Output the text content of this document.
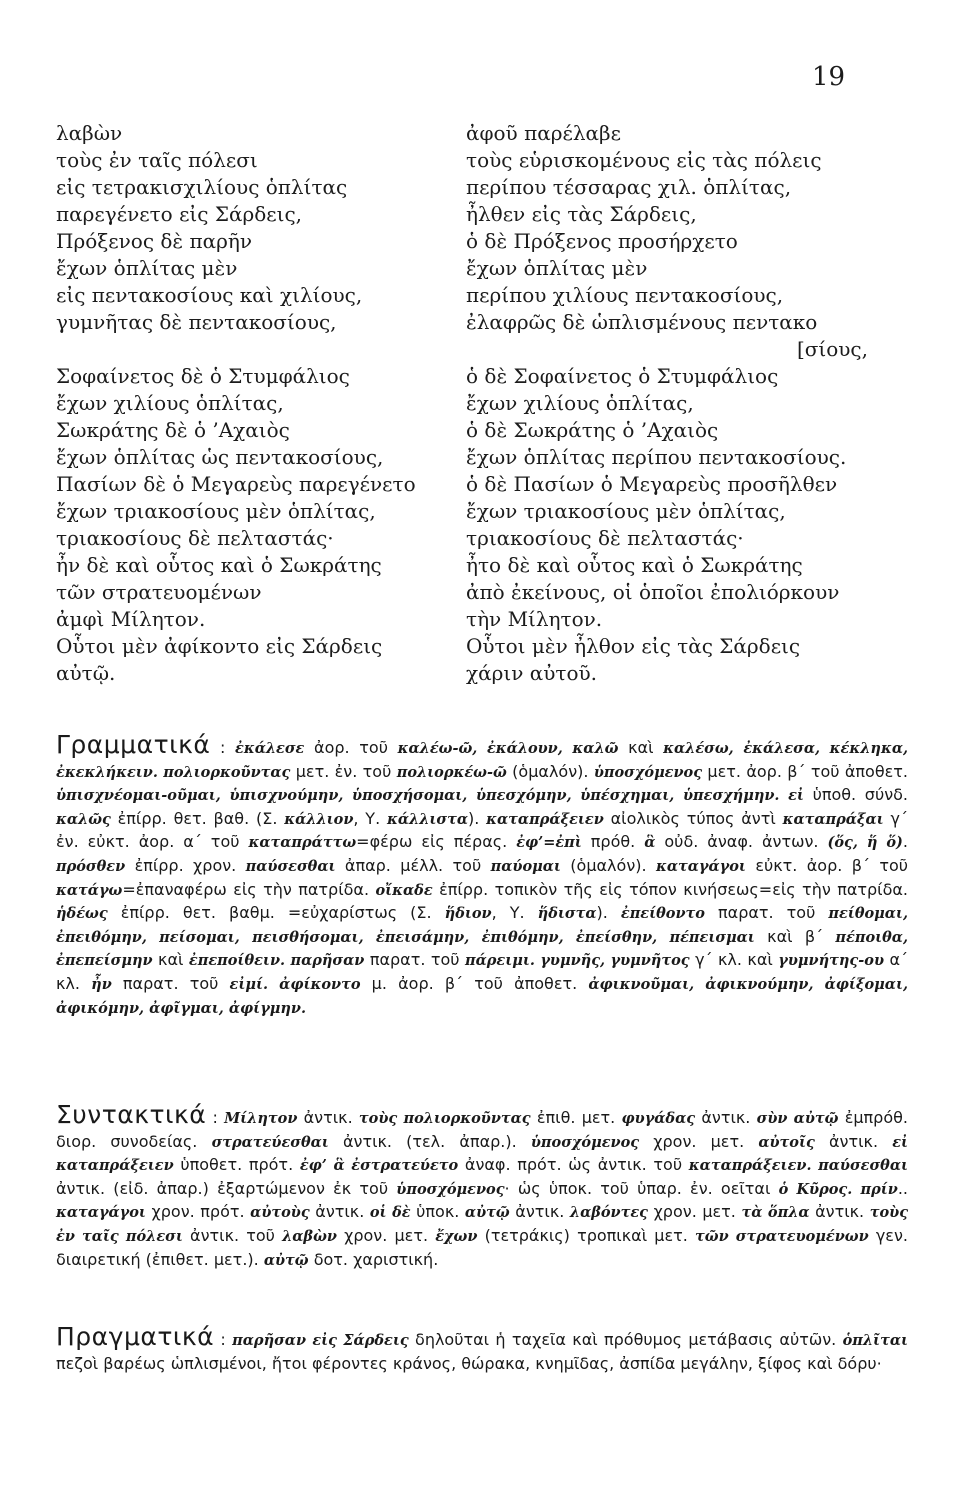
19
λαβὼν
τοὺς ἐν ταῖς πόλεσι
εἰς τετρακισχιλίους ὁπλίτας
παρεγένετο εἰς Σάρδεις,
Πρόξενος δὲ παρῆν
ἔχων ὁπλίτας μὲν
εἰς πεντακοσίους καὶ χιλίους,
γυμνῆτας δὲ πεντακοσίους,
Σοφαίνετος δὲ ὁ Στυμφάλιος
ἔχων χιλίους ὁπλίτας,
Σωκράτης δὲ ὁ ’Αχαιὸς
ἔχων ὁπλίτας ὡς πεντακοσίους,
Πασίων δὲ ὁ Μεγαρεὺς παρεγένετο
ἔχων τριακοσίους μὲν ὁπλίτας,
τριακοσίους δὲ πελταστάς·
ἦν δὲ καὶ οὗτος καὶ ὁ Σωκράτης
τῶν στρατευομένων
ἀμφὶ Μίλητον.
Οὗτοι μὲν ἀφίκοντο εἰς Σάρδεις
αὐτῷ.
ἀφοῦ παρέλαβε
τοὺς εὑρισκομένους εἰς τὰς πόλεις
περίπου τέσσαρας χιλ. ὁπλίτας,
ἦλθεν εἰς τὰς Σάρδεις,
ὁ δὲ Πρόξενος προσήρχετο
ἔχων ὁπλίτας μὲν
περίπου χιλίους πεντακοσίους,
ἐλαφρῶς δὲ ὡπλισμένους πεντακο
[σίους,
ὁ δὲ Σοφαίνετος ὁ Στυμφάλιος
ἔχων χιλίους ὁπλίτας,
ὁ δὲ Σωκράτης ὁ ’Αχαιὸς
ἔχων ὁπλίτας περίπου πεντακοσίους.
ὁ δὲ Πασίων ὁ Μεγαρεὺς προσῆλθεν
ἔχων τριακοσίους μὲν ὁπλίτας,
τριακοσίους δὲ πελταστάς·
ἦτο δὲ καὶ οὗτος καὶ ὁ Σωκράτης
ἀπὸ ἐκείνους, οἱ ὁποῖοι ἐπολιόρκουν
τὴν Μίλητον.
Οὗτοι μὲν ἦλθον εἰς τὰς Σάρδεις
χάριν αὐτοῦ.
Γραμματικά : ἐκάλεσε ἀορ. τοῦ καλέω-ῶ, ἐκάλουν, καλῶ καὶ καλέσω, ἐκάλεσα, κέκληκα, ἐκεκλήκειν. πολιορκοῦντας μετ. ἐν. τοῦ πολιορκέω-ῶ (ὁμαλόν). ὑποσχόμενος μετ. ἀορ. β΄ τοῦ ἀποθετ. ὑπισχνέομαι-οῦμαι, ὑπισχνούμην, ὑποσχήσομαι, ὑπεσχόμην, ὑπέσχημαι, ὑπεσχήμην. εἰ ὑποθ. σύνδ. καλῶς ἐπίρρ. θετ. βαθ. (Σ. κάλλιον, Υ. κάλλιστα). καταπράξειεν αἰολικὸς τύπος ἀντὶ καταπράξαι γ΄ ἐν. εὐκτ. ἀορ. α΄ τοῦ καταπράττω=φέρω εἰς πέρας. ἐφ’=ἐπὶ πρόθ. ἃ οὐδ. ἀναφ. ἀντων. (ὅς, ἥ ὅ). πρόσθεν ἐπίρρ. χρον. παύσεσθαι ἀπαρ. μέλλ. τοῦ παύομαι (ὁμαλόν). καταγάγοι εὐκτ. ἀορ. β΄ τοῦ κατάγω=ἐπαναφέρω εἰς τὴν πατρίδα. οἴκαδε ἐπίρρ. τοπικὸν τῆς εἰς τόπον κινήσεως=εἰς τὴν πατρίδα. ἡδέως ἐπίρρ. θετ. βαθμ. =εὐχαρίστως (Σ. ἥδιον, Υ. ἥδιστα). ἐπείθοντο παρατ. τοῦ πείθομαι, ἐπειθόμην, πείσομαι, πεισθήσομαι, ἐπεισάμην, ἐπιθόμην, ἐπείσθην, πέπεισμαι καὶ β΄ πέποιθα, ἐπεπείσμην καὶ ἐπεποίθειν. παρῆσαν παρατ. τοῦ πάρειμι. γυμνῆς, γυμνῆτος γ΄ κλ. καὶ γυμνήτης-ου α΄ κλ. ἦν παρατ. τοῦ εἰμί. ἀφίκοντο μ. ἀορ. β΄ τοῦ ἀποθετ. ἀφικνοῦμαι, ἀφικνούμην, ἀφίξομαι, ἀφικόμην, ἀφῖγμαι, ἀφίγμην.
Συντακτικά : Μίλητον ἀντικ. τοὺς πολιορκοῦντας ἐπιθ. μετ. φυγάδας ἀντικ. σὺν αὐτῷ ἐμπρόθ. διορ. συνοδείας. στρατεύεσθαι ἀντικ. (τελ. ἀπαρ.). ὑποσχόμενος χρον. μετ. αὐτοῖς ἀντικ. εἰ καταπράξειεν ὑποθετ. πρότ. ἐφ’ ἃ ἐστρατεύετο ἀναφ. πρότ. ὡς ἀντικ. τοῦ καταπράξειεν. παύσεσθαι ἀντικ. (εἰδ. ἀπαρ.) ἐξαρτώμενον ἐκ τοῦ ὑποσχόμενος· ὡς ὑποκ. τοῦ ὑπαρ. ἐν. οεῖται ὁ Κῦρος. πρίν.. καταγάγοι χρον. πρότ. αὐτοὺς ἀντικ. οἱ δὲ ὑποκ. αὐτῷ ἀντικ. λαβόντες χρον. μετ. τὰ ὅπλα ἀντικ. τοὺς ἐν ταῖς πόλεσι ἀντικ. τοῦ λαβὼν χρον. μετ. ἔχων (τετράκις) τροπικαὶ μετ. τῶν στρατευομένων γεν. διαιρετική (ἐπιθετ. μετ.). αὐτῷ δοτ. χαριστική.
Πραγματικά : παρῆσαν εἰς Σάρδεις δηλοῦται ἡ ταχεῖα καὶ πρόθυμος μετάβασις αὐτῶν. ὁπλῖται πεζοὶ βαρέως ὡπλισμένοι, ἤτοι φέροντες κράνος, θώρακα, κνημῖδας, ἀσπίδα μεγάλην, ξίφος καὶ δόρυ·
